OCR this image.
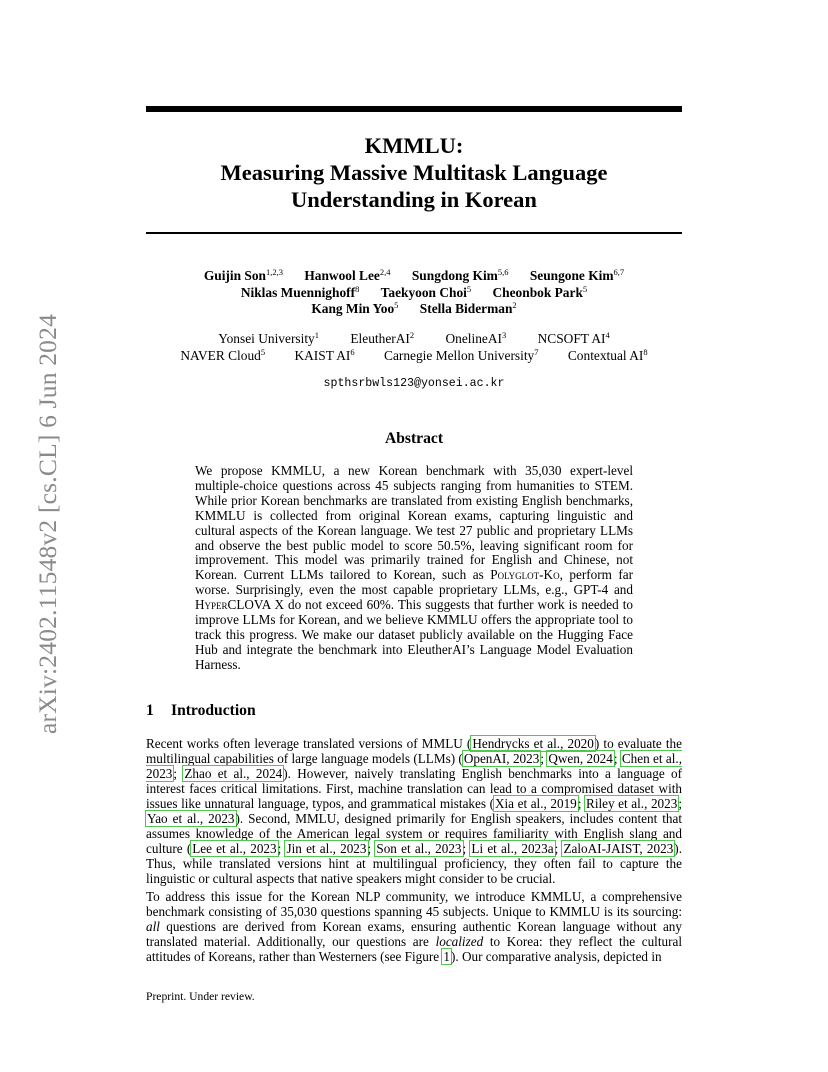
arXiv:2402.11548v2 [cs.CL] 6 Jun 2024
KMMLU:
Measuring Massive Multitask Language
Understanding in Korean
Guijin Son$^{1,2,3}$ Hanwool Lee$^{2,4}$ Sungdong Kim$^{5,6}$ Seungone Kim$^{6,7}$
Niklas Muennighoff$^8$ Taekyoon Choi$^5$ Cheonbok Park$^5$
Kang Min Yoo$^5$ Stella Biderman$^2$
Yonsei University$^1$ EleutherAI$^2$ OnelineAI$^3$ NCSOFT $AI^4$
NAVER Cloud$^5$ KAIST $AI^6$ Carnegie Mellon University$^7$ Contextual $AI^8$
spthsrbwls123@yonsei.ac.kr
Abstract
We propose KMMLU, a new Korean benchmark with 35,030 expert-level multiple-choice questions across 45 subjects ranging from humanities to STEM. While prior Korean benchmarks are translated from existing English benchmarks, KMMLU is collected from original Korean exams, capturing linguistic and cultural aspects of the Korean language. We test 27 public and proprietary LLMs and observe the best public model to score 50.5%, leaving significant room for improvement. This model was primarily trained for English and Chinese, not Korean. Current LLMs tailored to Korean, such as Polyglot-Ko, perform far worse. Surprisingly, even the most capable proprietary LLMs, e.g., GPT-4 and HyperCLOVA X do not exceed 60%. This suggests that further work is needed to improve LLMs for Korean, and we believe KMMLU offers the appropriate tool to track this progress. We make our dataset publicly available on the Hugging Face Hub and integrate the benchmark into EleutherAI’s Language Model Evaluation Harness.
1 Introduction
Recent works often leverage translated versions of MMLU (Hendrycks et al., 2020) to evaluate the multilingual capabilities of large language models (LLMs) (OpenAI, 2023; Qwen, 2024; Chen et al., 2023; Zhao et al., 2024). However, naively translating English benchmarks into a language of interest faces critical limitations. First, machine translation can lead to a compromised dataset with issues like unnatural language, typos, and grammatical mistakes (Xia et al., 2019; Riley et al., 2023; Yao et al., 2023). Second, MMLU, designed primarily for English speakers, includes content that assumes knowledge of the American legal system or requires familiarity with English slang and culture (Lee et al., 2023; Jin et al., 2023; Son et al., 2023; Li et al., 2023a; ZaloAI-JAIST, 2023). Thus, while translated versions hint at multilingual proficiency, they often fail to capture the linguistic or cultural aspects that native speakers might consider to be crucial.
To address this issue for the Korean NLP community, we introduce KMMLU, a comprehensive benchmark consisting of 35,030 questions spanning 45 subjects. Unique to KMMLU is its sourcing: all questions are derived from Korean exams, ensuring authentic Korean language without any translated material. Additionally, our questions are localized to Korea: they reflect the cultural attitudes of Koreans, rather than Westerners (see Figure 1). Our comparative analysis, depicted in
Preprint. Under review.
